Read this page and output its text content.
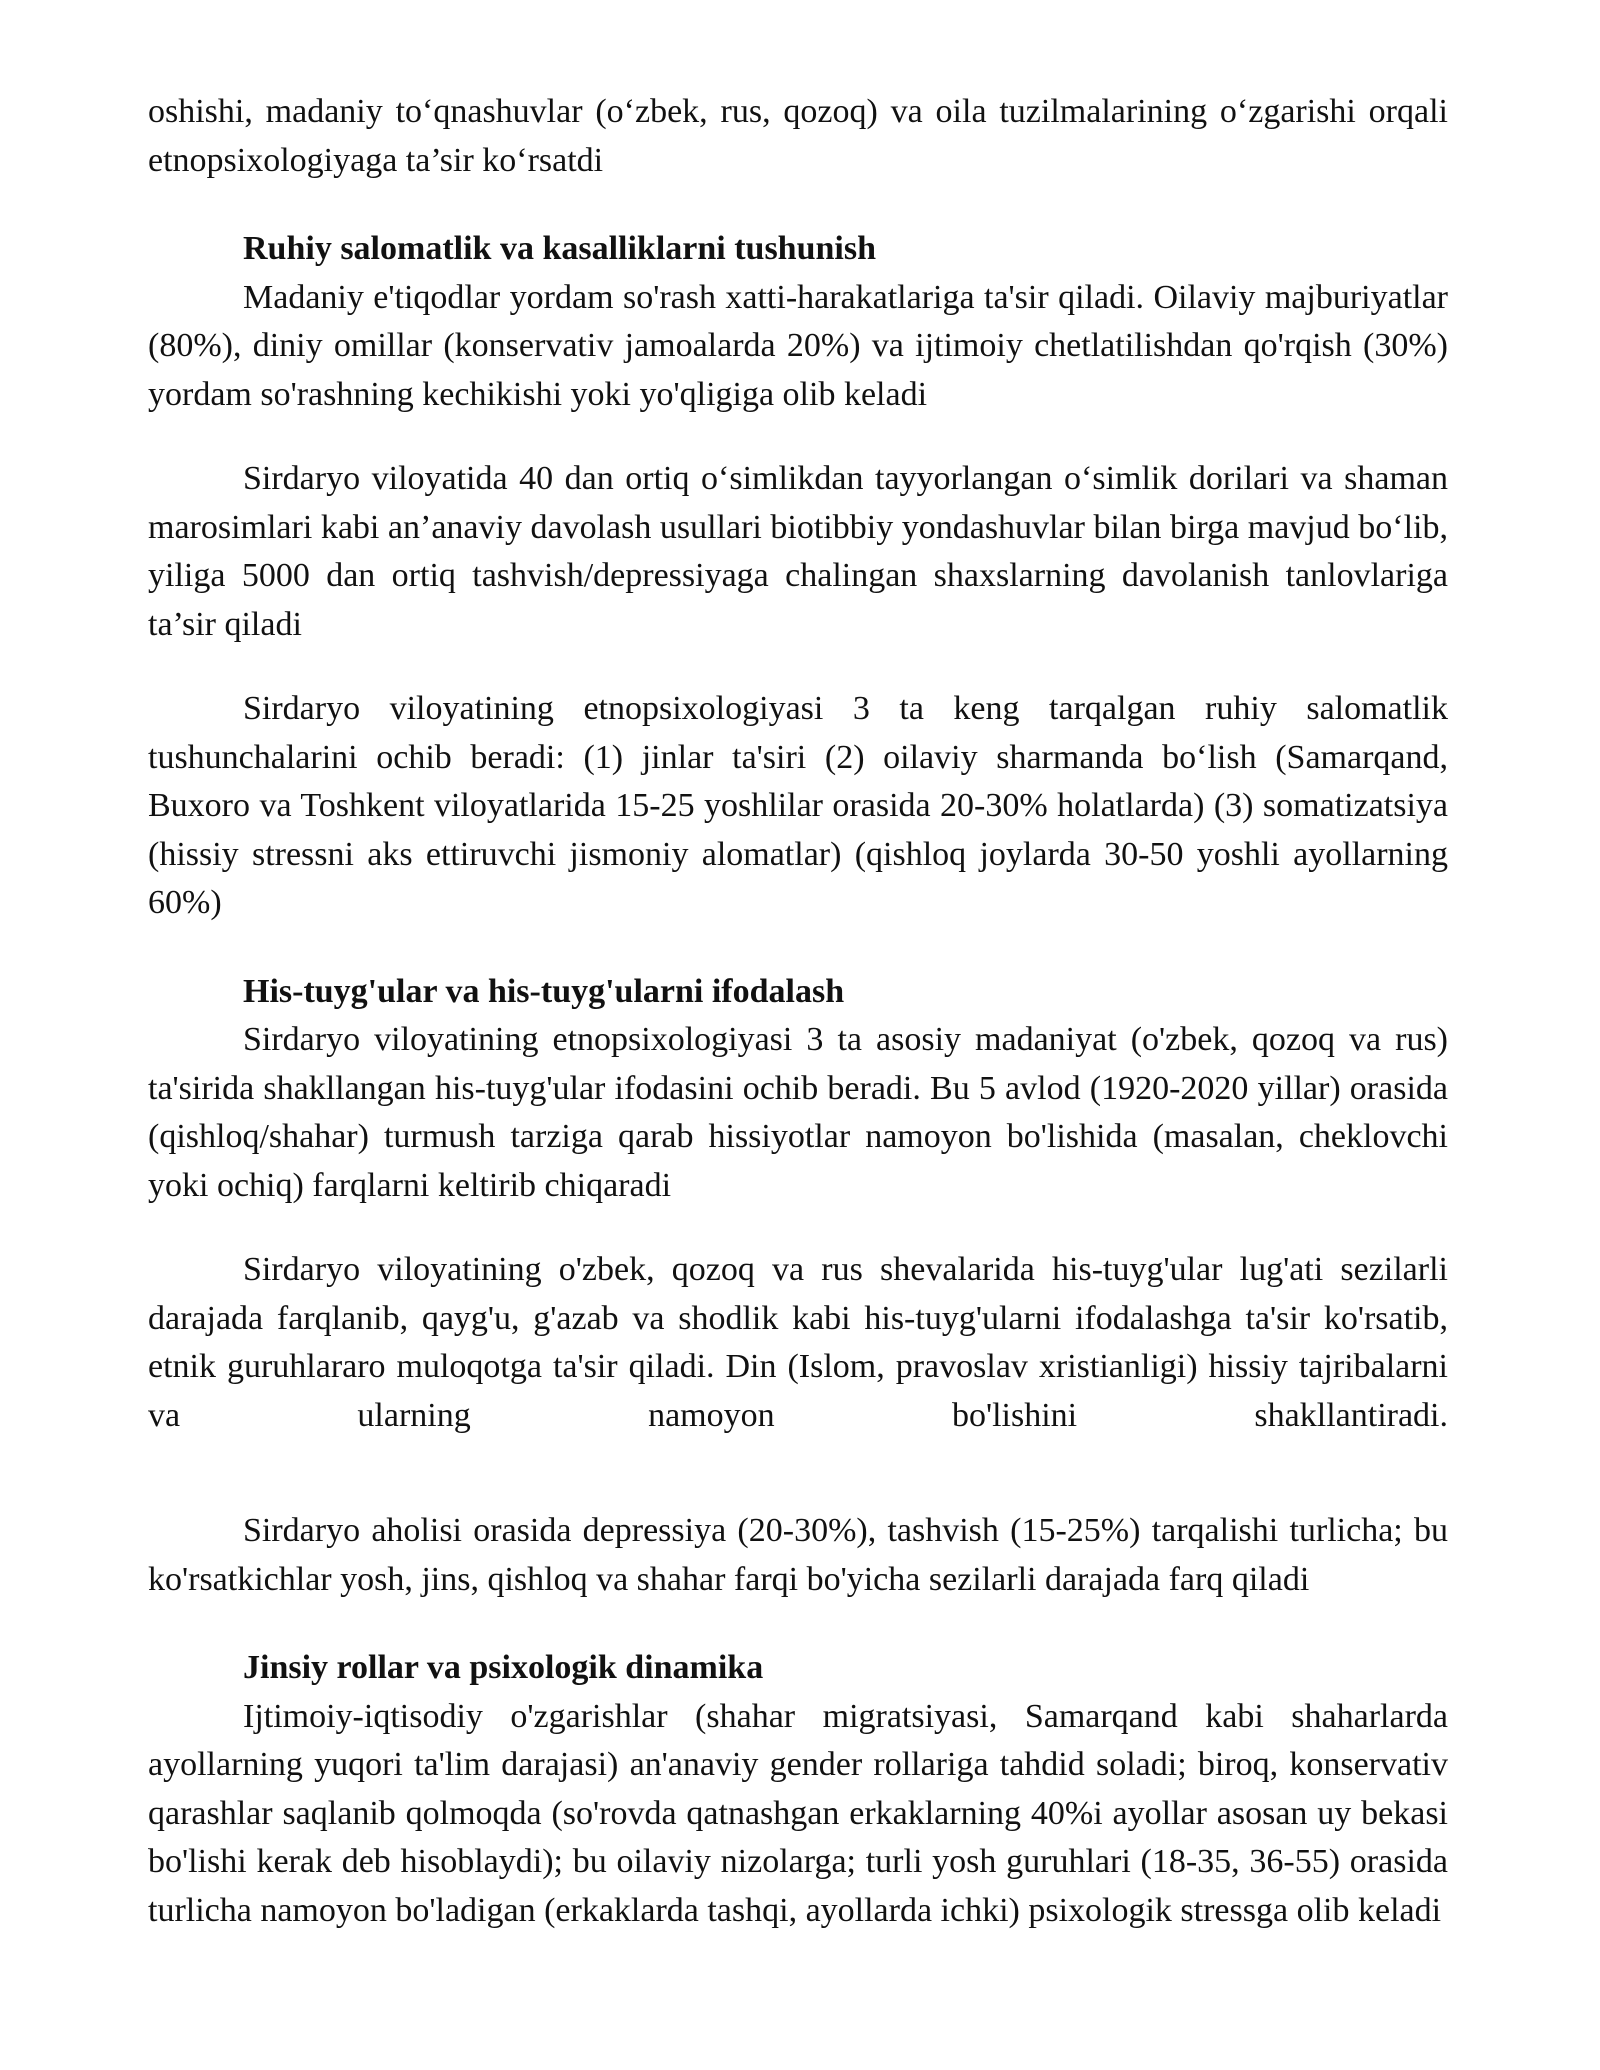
oshishi, madaniy to‘qnashuvlar (o‘zbek, rus, qozoq) va oila tuzilmalarining o‘zgarishi orqali etnopsixologiyaga ta’sir ko‘rsatdi

Ruhiy salomatlik va kasalliklarni tushunish

Madaniy e'tiqodlar yordam so'rash xatti-harakatlariga ta'sir qiladi. Oilaviy majburiyatlar (80%), diniy omillar (konservativ jamoalarda 20%) va ijtimoiy chetlatilishdan qo'rqish (30%) yordam so'rashning kechikishi yoki yo'qligiga olib keladi

Sirdaryo viloyatida 40 dan ortiq o‘simlikdan tayyorlangan o‘simlik dorilari va shaman marosimlari kabi an’anaviy davolash usullari biotibbiy yondashuvlar bilan birga mavjud bo‘lib, yiliga 5000 dan ortiq tashvish/depressiyaga chalingan shaxslarning davolanish tanlovlariga ta’sir qiladi

Sirdaryo viloyatining etnopsixologiyasi 3 ta keng tarqalgan ruhiy salomatlik tushunchalarini ochib beradi: (1) jinlar ta'siri (2) oilaviy sharmanda bo‘lish (Samarqand, Buxoro va Toshkent viloyatlarida 15-25 yoshlilar orasida 20-30% holatlarda) (3) somatizatsiya (hissiy stressni aks ettiruvchi jismoniy alomatlar) (qishloq joylarda 30-50 yoshli ayollarning 60%)

His-tuyg'ular va his-tuyg'ularni ifodalash

Sirdaryo viloyatining etnopsixologiyasi 3 ta asosiy madaniyat (o'zbek, qozoq va rus) ta'sirida shakllangan his-tuyg'ular ifodasini ochib beradi. Bu 5 avlod (1920-2020 yillar) orasida (qishloq/shahar) turmush tarziga qarab hissiyotlar namoyon bo'lishida (masalan, cheklovchi yoki ochiq) farqlarni keltirib chiqaradi

Sirdaryo viloyatining o'zbek, qozoq va rus shevalarida his-tuyg'ular lug'ati sezilarli darajada farqlanib, qayg'u, g'azab va shodlik kabi his-tuyg'ularni ifodalashga ta'sir ko'rsatib, etnik guruhlararo muloqotga ta'sir qiladi. Din (Islom, pravoslav xristianligi) hissiy tajribalarni va ularning namoyon bo'lishini shakllantiradi.

Sirdaryo aholisi orasida depressiya (20-30%), tashvish (15-25%) tarqalishi turlicha; bu ko'rsatkichlar yosh, jins, qishloq va shahar farqi bo'yicha sezilarli darajada farq qiladi

Jinsiy rollar va psixologik dinamika

Ijtimoiy-iqtisodiy o'zgarishlar (shahar migratsiyasi, Samarqand kabi shaharlarda ayollarning yuqori ta'lim darajasi) an'anaviy gender rollariga tahdid soladi; biroq, konservativ qarashlar saqlanib qolmoqda (so'rovda qatnashgan erkaklarning 40%i ayollar asosan uy bekasi bo'lishi kerak deb hisoblaydi); bu oilaviy nizolarga; turli yosh guruhlari (18-35, 36-55) orasida turlicha namoyon bo'ladigan (erkaklarda tashqi, ayollarda ichki) psixologik stressga olib keladi
